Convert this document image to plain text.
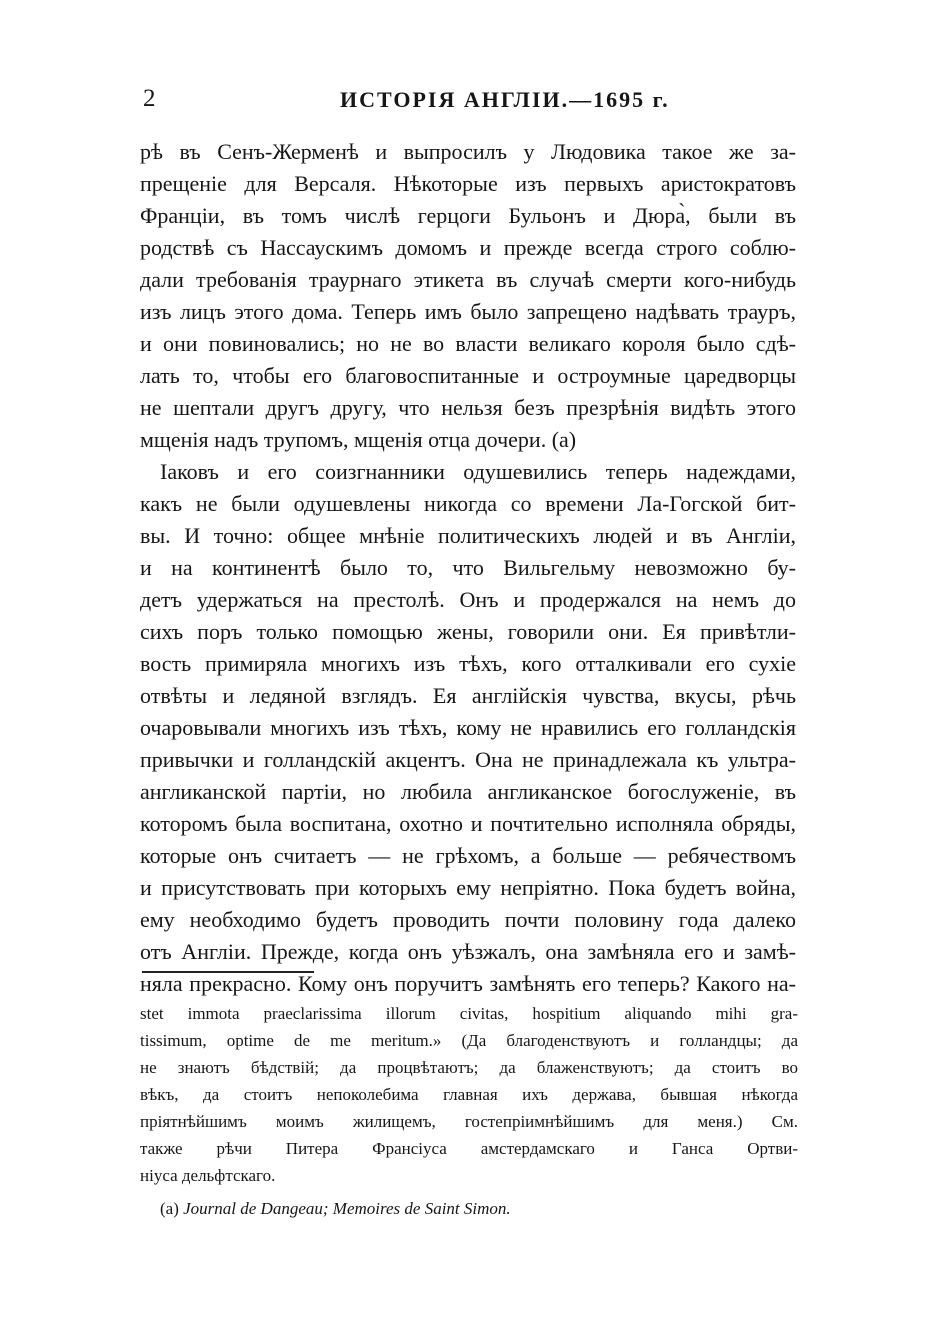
2	ИСТОРІЯ АНГЛІИ.—1695 г.
рѣ въ Сенъ-Жерменѣ и выпросилъ у Людовика такое же за-
прещеніе для Версаля. Нѣкоторые изъ первыхъ аристократовъ
Франціи, въ томъ числѣ герцоги Бульонъ и Дюра̀, были въ
родствѣ съ Нассаускимъ домомъ и прежде всегда строго соблю-
дали требованія траурнаго этикета въ случаѣ смерти кого-нибудь
изъ лицъ этого дома. Теперь имъ было запрещено надѣвать трауръ,
и они повиновались; но не во власти великаго короля было сдѣ-
лать то, чтобы его благовоспитанные и остроумные царедворцы
не шептали другъ другу, что нельзя безъ презрѣнія видѣть этого
мщенія надъ трупомъ, мщенія отца дочери. (а)
Іаковъ и его соизгнанники одушевились теперь надеждами,
какъ не были одушевлены никогда со времени Ла-Гогской бит-
вы. И точно: общее мнѣніе политическихъ людей и въ Англіи,
и на континентѣ было то, что Вильгельму невозможно бу-
детъ удержаться на престолѣ. Онъ и продержался на немъ до
сихъ поръ только помощью жены, говорили они. Ея привѣтли-
вость примиряла многихъ изъ тѣхъ, кого отталкивали его сухіе
отвѣты и ледяной взглядъ. Ея англійскія чувства, вкусы, рѣчь
очаровывали многихъ изъ тѣхъ, кому не нравились его голландскія
привычки и голландскій акцентъ. Она не принадлежала къ ультра-
англиканской партіи, но любила англиканское богослуженіе, въ
которомъ была воспитана, охотно и почтительно исполняла обряды,
которые онъ считаетъ — не грѣхомъ, а больше — ребячествомъ
и присутствовать при которыхъ ему непріятно. Пока будетъ война,
ему необходимо будетъ проводить почти половину года далеко
отъ Англіи. Прежде, когда онъ уѣзжалъ, она замѣняла его и замѣ-
няла прекрасно. Кому онъ поручитъ замѣнять его теперь? Какого на-
stet immota praeclarissima illorum civitas, hospitium aliquando mihi gra-
tissimum, optime de me meritum.» (Да благоденствуютъ и голландцы; да
не знаютъ бѣдствій; да процвѣтаютъ; да блаженствуютъ; да стоитъ во
вѣкъ, да стоитъ непоколебима главная ихъ держава, бывшая нѣкогда
пріятнѣйшимъ моимъ жилищемъ, гостепріимнѣйшимъ для меня.) См.
также рѣчи Питера Франсіуса амстердамскаго и Ганса Ортви-
ніуса дельфтскаго.
(а) Journal de Dangeau; Memoires de Saint Simon.
